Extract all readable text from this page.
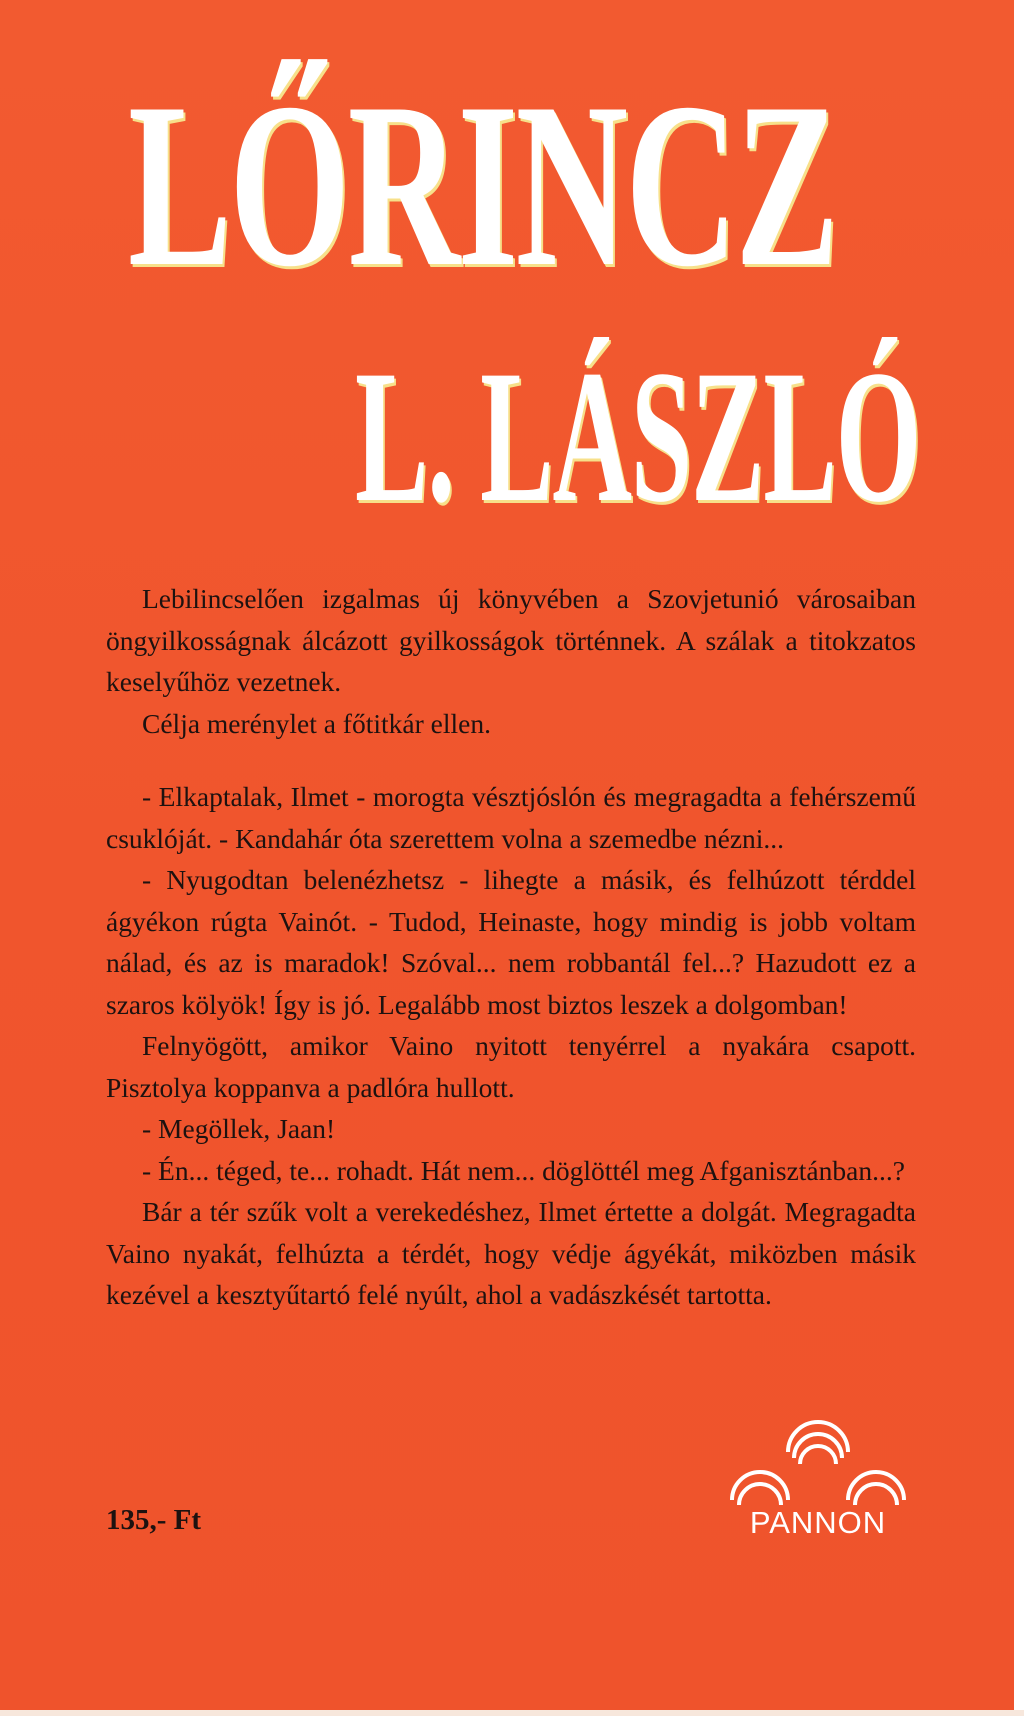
LŐRINCZ
L. LÁSZLÓ

Lebilincselően izgalmas új könyvében a Szovjetunió városaiban öngyilkosságnak álcázott gyilkosságok történnek. A szálak a titokzatos keselyűhöz vezetnek.

Célja merénylet a főtitkár ellen.

- Elkaptalak, Ilmet - morogta vésztjóslón és megragadta a fehérszemű csuklóját. - Kandahár óta szerettem volna a szemedbe nézni...

- Nyugodtan belenézhetsz - lihegte a másik, és felhúzott térddel ágyékon rúgta Vainót. - Tudod, Heinaste, hogy mindig is jobb voltam nálad, és az is maradok! Szóval... nem robbantál fel...? Hazudott ez a szaros kölyök! Így is jó. Legalább most biztos leszek a dolgomban!

Felnyögött, amikor Vaino nyitott tenyérrel a nyakára csapott. Pisztolya koppanva a padlóra hullott.

- Megöllek, Jaan!

- Én... téged, te... rohadt. Hát nem... döglöttél meg Afganisztánban...?

Bár a tér szűk volt a verekedéshez, Ilmet értette a dolgát. Megragadta Vaino nyakát, felhúzta a térdét, hogy védje ágyékát, miközben másik kezével a kesztyűtartó felé nyúlt, ahol a vadászkését tartotta.

135,- Ft	PANNON
